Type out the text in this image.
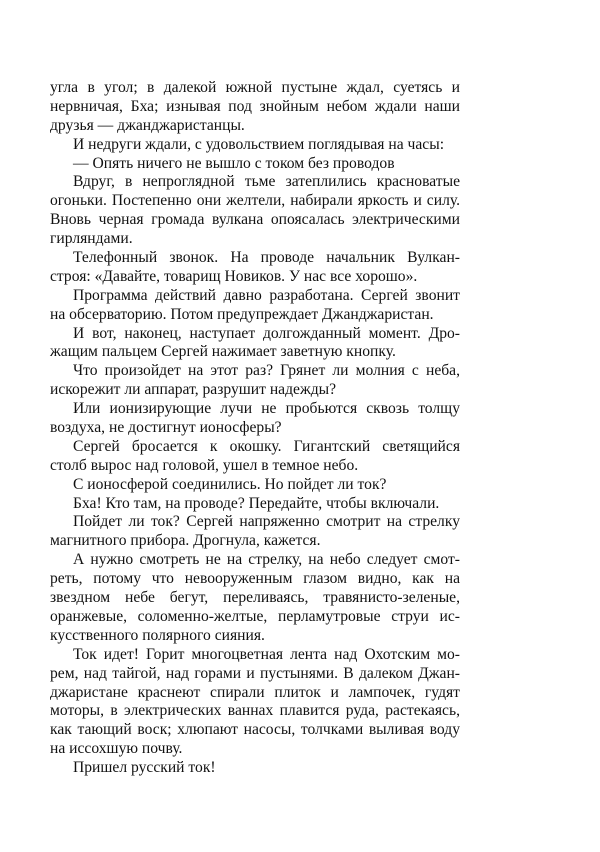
угла в угол; в далекой южной пустыне ждал, суетясь и
нервничая, Бха; изнывая под знойным небом ждали наши
друзья — джанджаристанцы.
И недруги ждали, с удовольствием поглядывая на часы:
— Опять ничего не вышло с током без проводов
Вдруг, в непроглядной тьме затеплились красноватые
огоньки. Постепенно они желтели, набирали яркость и силу.
Вновь черная громада вулкана опоясалась электрическими
гирляндами.
Телефонный звонок. На проводе начальник Вулкан-
строя: «Давайте, товарищ Новиков. У нас все хорошо».
Программа действий давно разработана. Сергей звонит
на обсерваторию. Потом предупреждает Джанджаристан.
И вот, наконец, наступает долгожданный момент. Дро-
жащим пальцем Сергей нажимает заветную кнопку.
Что произойдет на этот раз? Грянет ли молния с неба,
искорежит ли аппарат, разрушит надежды?
Или ионизирующие лучи не пробьются сквозь толщу
воздуха, не достигнут ионосферы?
Сергей бросается к окошку. Гигантский светящийся
столб вырос над головой, ушел в темное небо.
С ионосферой соединились. Но пойдет ли ток?
Бха! Кто там, на проводе? Передайте, чтобы включали.
Пойдет ли ток? Сергей напряженно смотрит на стрелку
магнитного прибора. Дрогнула, кажется.
А нужно смотреть не на стрелку, на небо следует смот-
реть, потому что невооруженным глазом видно, как на
звездном небе бегут, переливаясь, травянисто-зеленые,
оранжевые, соломенно-желтые, перламутровые струи ис-
кусственного полярного сияния.
Ток идет! Горит многоцветная лента над Охотским мо-
рем, над тайгой, над горами и пустынями. В далеком Джан-
джаристане краснеют спирали плиток и лампочек, гудят
моторы, в электрических ваннах плавится руда, растекаясь,
как тающий воск; хлюпают насосы, толчками выливая воду
на иссохшую почву.
Пришел русский ток!
